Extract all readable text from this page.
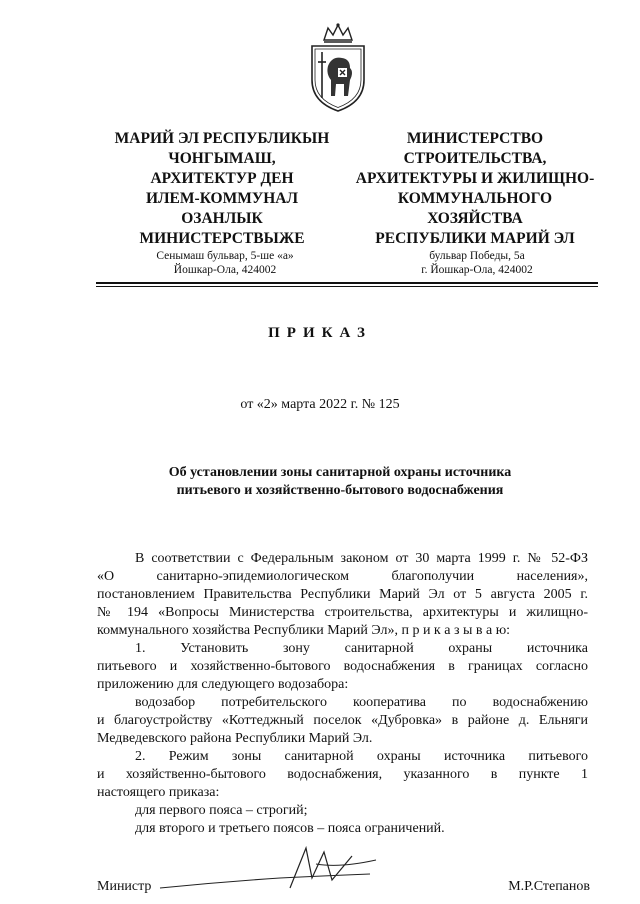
МАРИЙ ЭЛ РЕСПУБЛИКЫН
ЧОНГЫМАШ,
АРХИТЕКТУР ДЕН
ИЛЕМ-КОММУНАЛ
ОЗАНЛЫК
МИНИСТЕРСТВЫЖЕ
МИНИСТЕРСТВО
СТРОИТЕЛЬСТВА,
АРХИТЕКТУРЫ И ЖИЛИЩНО-
КОММУНАЛЬНОГО
ХОЗЯЙСТВА
РЕСПУБЛИКИ МАРИЙ ЭЛ
Сенымаш бульвар, 5-ше «а»
Йошкар-Ола, 424002
бульвар Победы, 5а
г. Йошкар-Ола, 424002
ПРИКАЗ
от «2» марта 2022 г. № 125
Об установлении зоны санитарной охраны источника
питьевого и хозяйственно-бытового водоснабжения

В соответствии с Федеральным законом от 30 марта 1999 г. № 52-ФЗ

«О санитарно-эпидемиологическом благополучии населения»,

постановлением Правительства Республики Марий Эл от 5 августа 2005 г.

№ 194 «Вопросы Министерства строительства, архитектуры и жилищно-

коммунального хозяйства Республики Марий Эл», п р и к а з ы в а ю:

1. Установить зону санитарной охраны источника

питьевого и хозяйственно-бытового водоснабжения в границах согласно

приложению для следующего водозабора:

водозабор потребительского кооператива по водоснабжению

и благоустройству «Коттеджный поселок «Дубровка» в районе д. Ельняги

Медведевского района Республики Марий Эл.

2. Режим зоны санитарной охраны источника питьевого

и хозяйственно-бытового водоснабжения, указанного в пункте 1

настоящего приказа:

для первого пояса – строгий;

для второго и третьего поясов – пояса ограничений.

Министр	М.Р.Степанов
